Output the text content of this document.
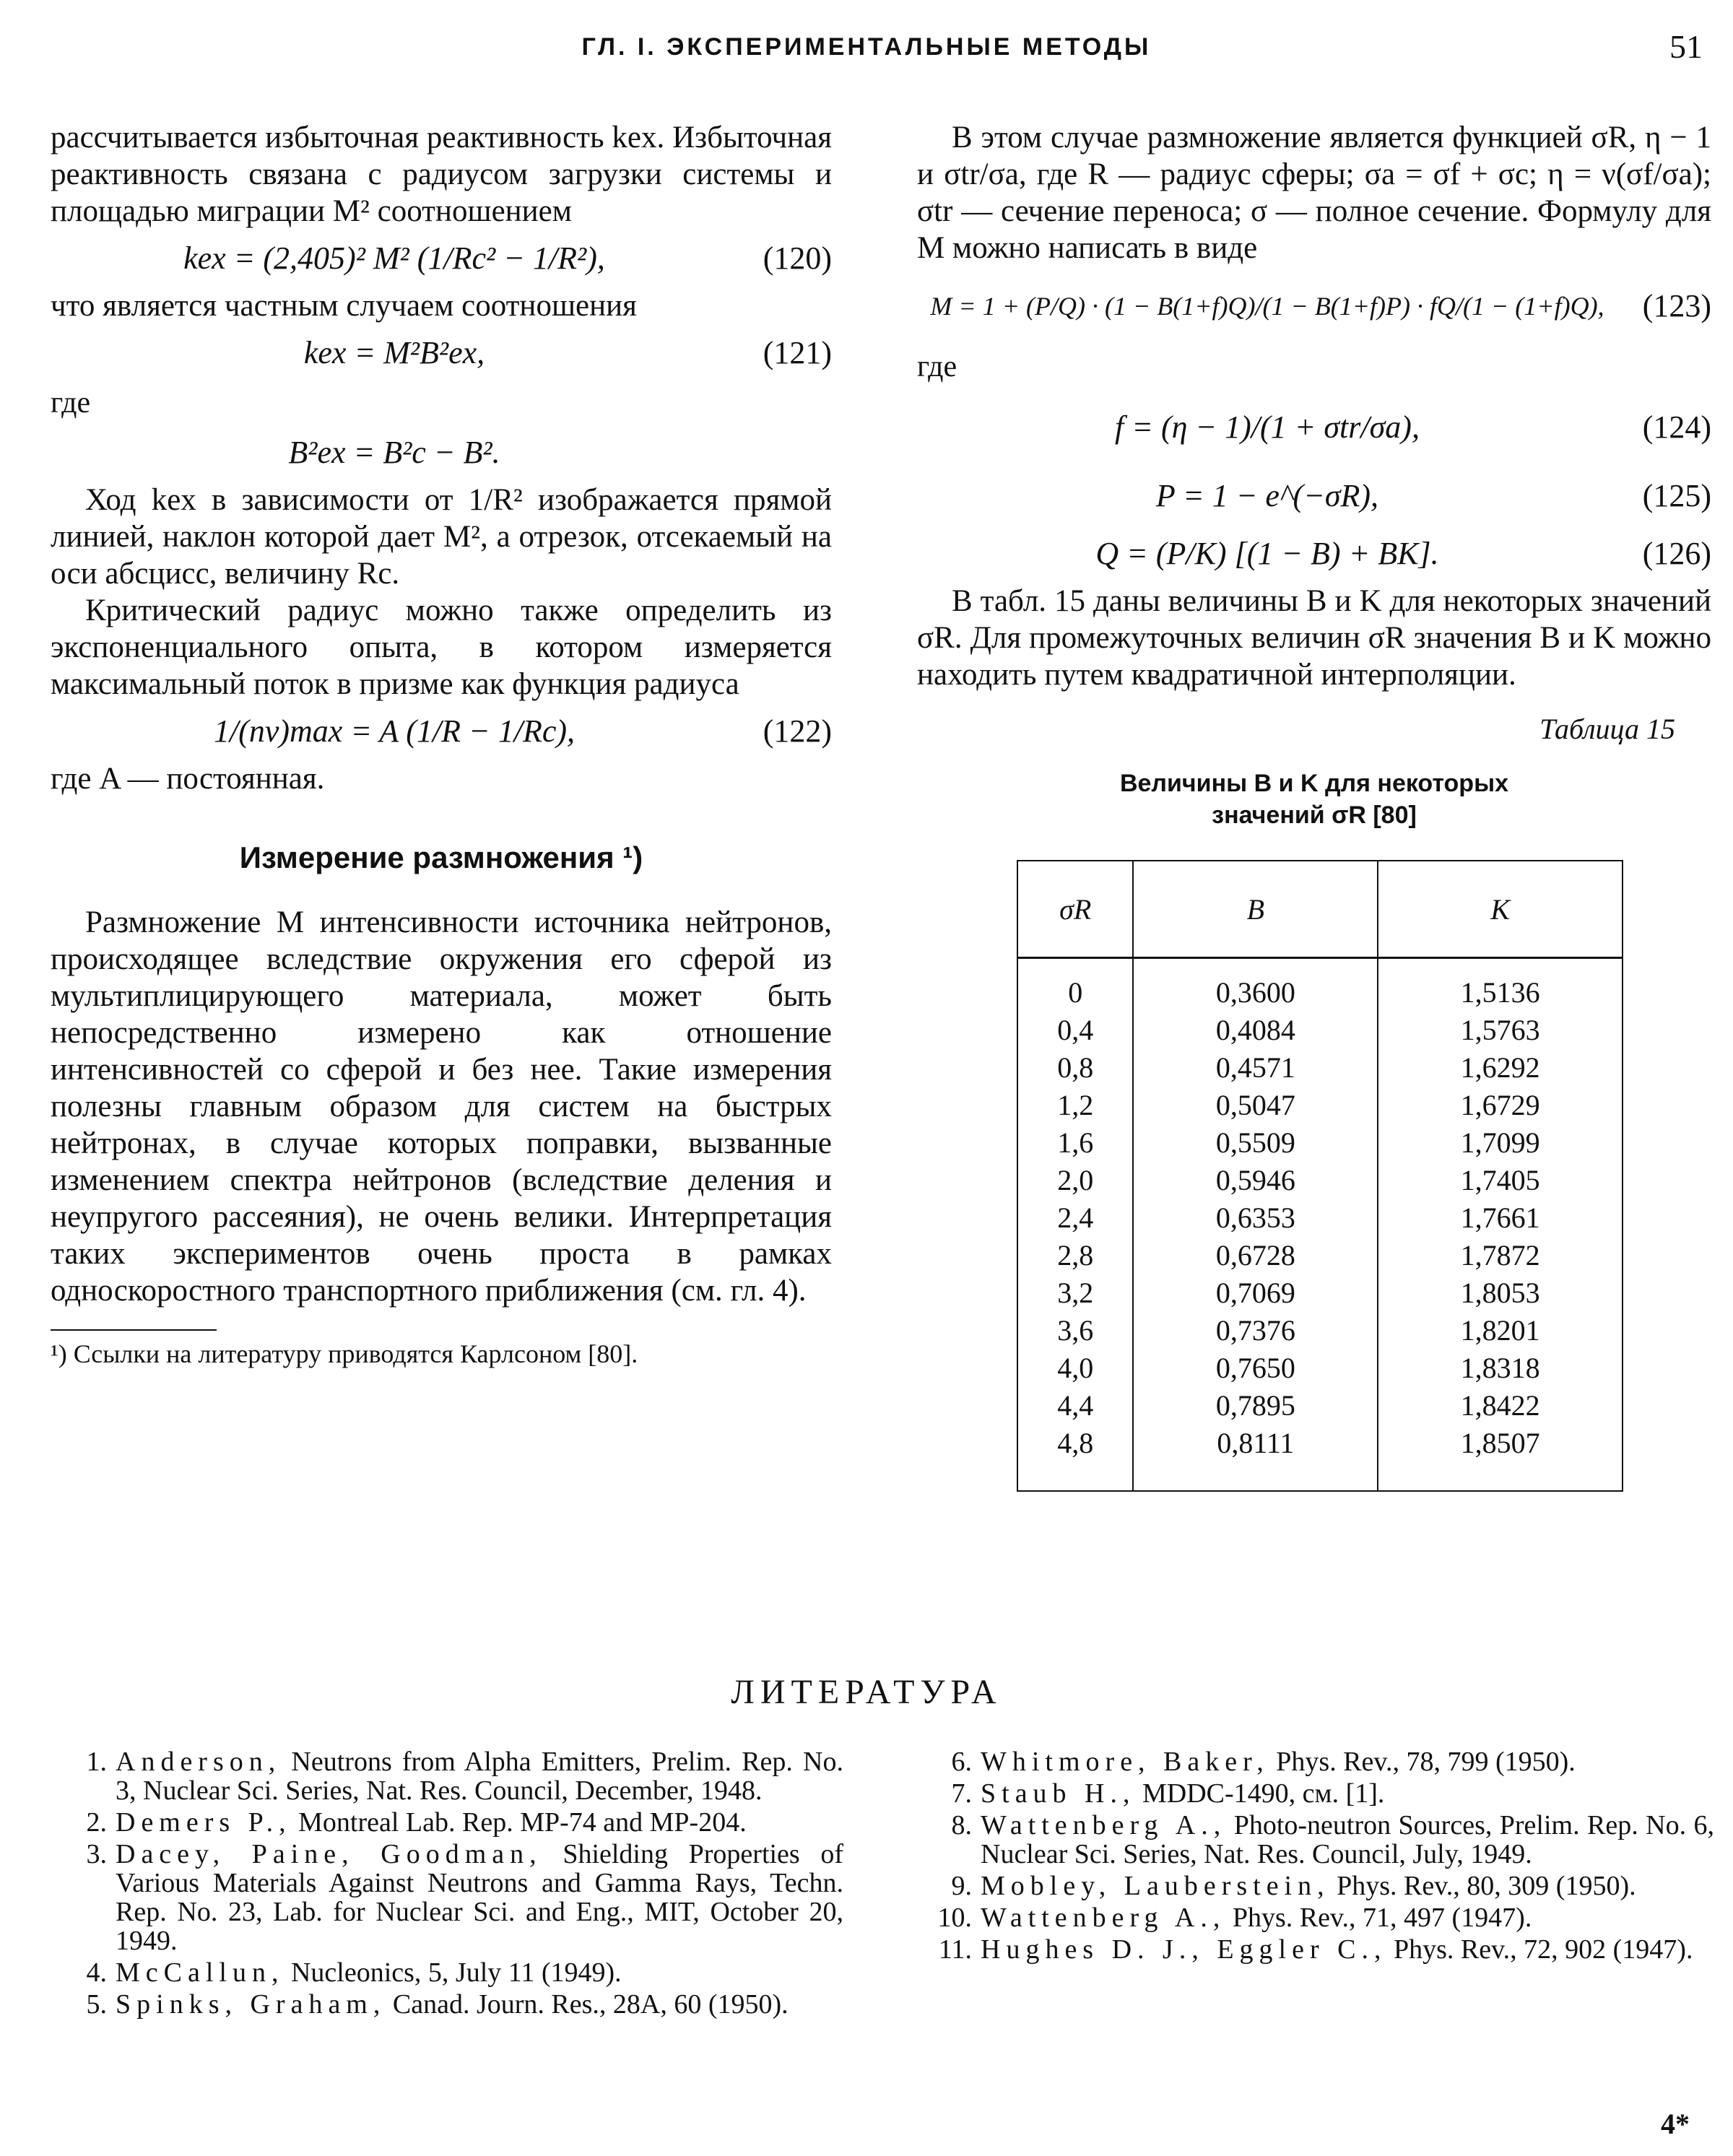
ГЛ. I. ЭКСПЕРИМЕНТАЛЬНЫЕ МЕТОДЫ	51

рассчитывается избыточная реактивность kex. Избыточная реактивность связана с радиусом загрузки системы и площадью миграции M² соотношением

kex = (2,405)² M² (1/Rc² − 1/R²),	(120)

что является частным случаем соотношения

kex = M²B²ex,	(121)
где
B²ex = B²c − B².

Ход kex в зависимости от 1/R² изображается прямой линией, наклон которой дает M², а отрезок, отсекаемый на оси абсцисс, величину Rc.

Критический радиус можно также определить из экспоненциального опыта, в котором измеряется максимальный поток в призме как функция радиуса

1/(nv)max = A (1/R − 1/Rc),	(122)

где A — постоянная.

Измерение размножения ¹)

Размножение M интенсивности источника нейтронов, происходящее вследствие окружения его сферой из мультиплицирующего материала, может быть непосредственно измерено как отношение интенсивностей со сферой и без нее. Такие измерения полезны главным образом для систем на быстрых нейтронах, в случае которых поправки, вызванные изменением спектра нейтронов (вследствие деления и неупругого рассеяния), не очень велики. Интерпретация таких экспериментов очень проста в рамках односкоростного транспортного приближения (см. гл. 4).

¹) Ссылки на литературу приводятся Карлсоном [80].

В этом случае размножение является функцией σR, η − 1 и σtr/σa, где R — радиус сферы; σa = σf + σc; η = ν(σf/σa); σtr — сечение переноса; σ — полное сечение. Формулу для M можно написать в виде

M = 1 + (P/Q) · (1 − B(1+f)Q)/(1 − B(1+f)P) · fQ/(1 − (1+f)Q),	(123)
где
f = (η − 1)/(1 + σtr/σa),	(124)
P = 1 − e^(−σR),	(125)
Q = (P/K) [(1 − B) + BK].	(126)

В табл. 15 даны величины B и K для некоторых значений σR. Для промежуточных величин σR значения B и K можно находить путем квадратичной интерполяции.

Таблица 15
Величины B и K для некоторых
значений σR [80]
σR	B	K
0	0,3600	1,5136
0,4	0,4084	1,5763
0,8	0,4571	1,6292
1,2	0,5047	1,6729
1,6	0,5509	1,7099
2,0	0,5946	1,7405
2,4	0,6353	1,7661
2,8	0,6728	1,7872
3,2	0,7069	1,8053
3,6	0,7376	1,8201
4,0	0,7650	1,8318
4,4	0,7895	1,8422
4,8	0,8111	1,8507
ЛИТЕРАТУРА
1. Anderson, Neutrons from Alpha Emitters, Prelim. Rep. No. 3, Nuclear Sci. Series, Nat. Res. Council, December, 1948.
2. Demers P., Montreal Lab. Rep. MP-74 and MP-204.
3. Dacey, Paine, Goodman, Shielding Properties of Various Materials Against Neutrons and Gamma Rays, Techn. Rep. No. 23, Lab. for Nuclear Sci. and Eng., MIT, October 20, 1949.
4. McCallun, Nucleonics, 5, July 11 (1949).
5. Spinks, Graham, Canad. Journ. Res., 28A, 60 (1950).
6. Whitmore, Baker, Phys. Rev., 78, 799 (1950).
7. Staub H., MDDC-1490, см. [1].
8. Wattenberg A., Photo-neutron Sources, Prelim. Rep. No. 6, Nuclear Sci. Series, Nat. Res. Council, July, 1949.
9. Mobley, Lauberstein, Phys. Rev., 80, 309 (1950).
10. Wattenberg A., Phys. Rev., 71, 497 (1947).
11. Hughes D. J., Eggler C., Phys. Rev., 72, 902 (1947).
4*
